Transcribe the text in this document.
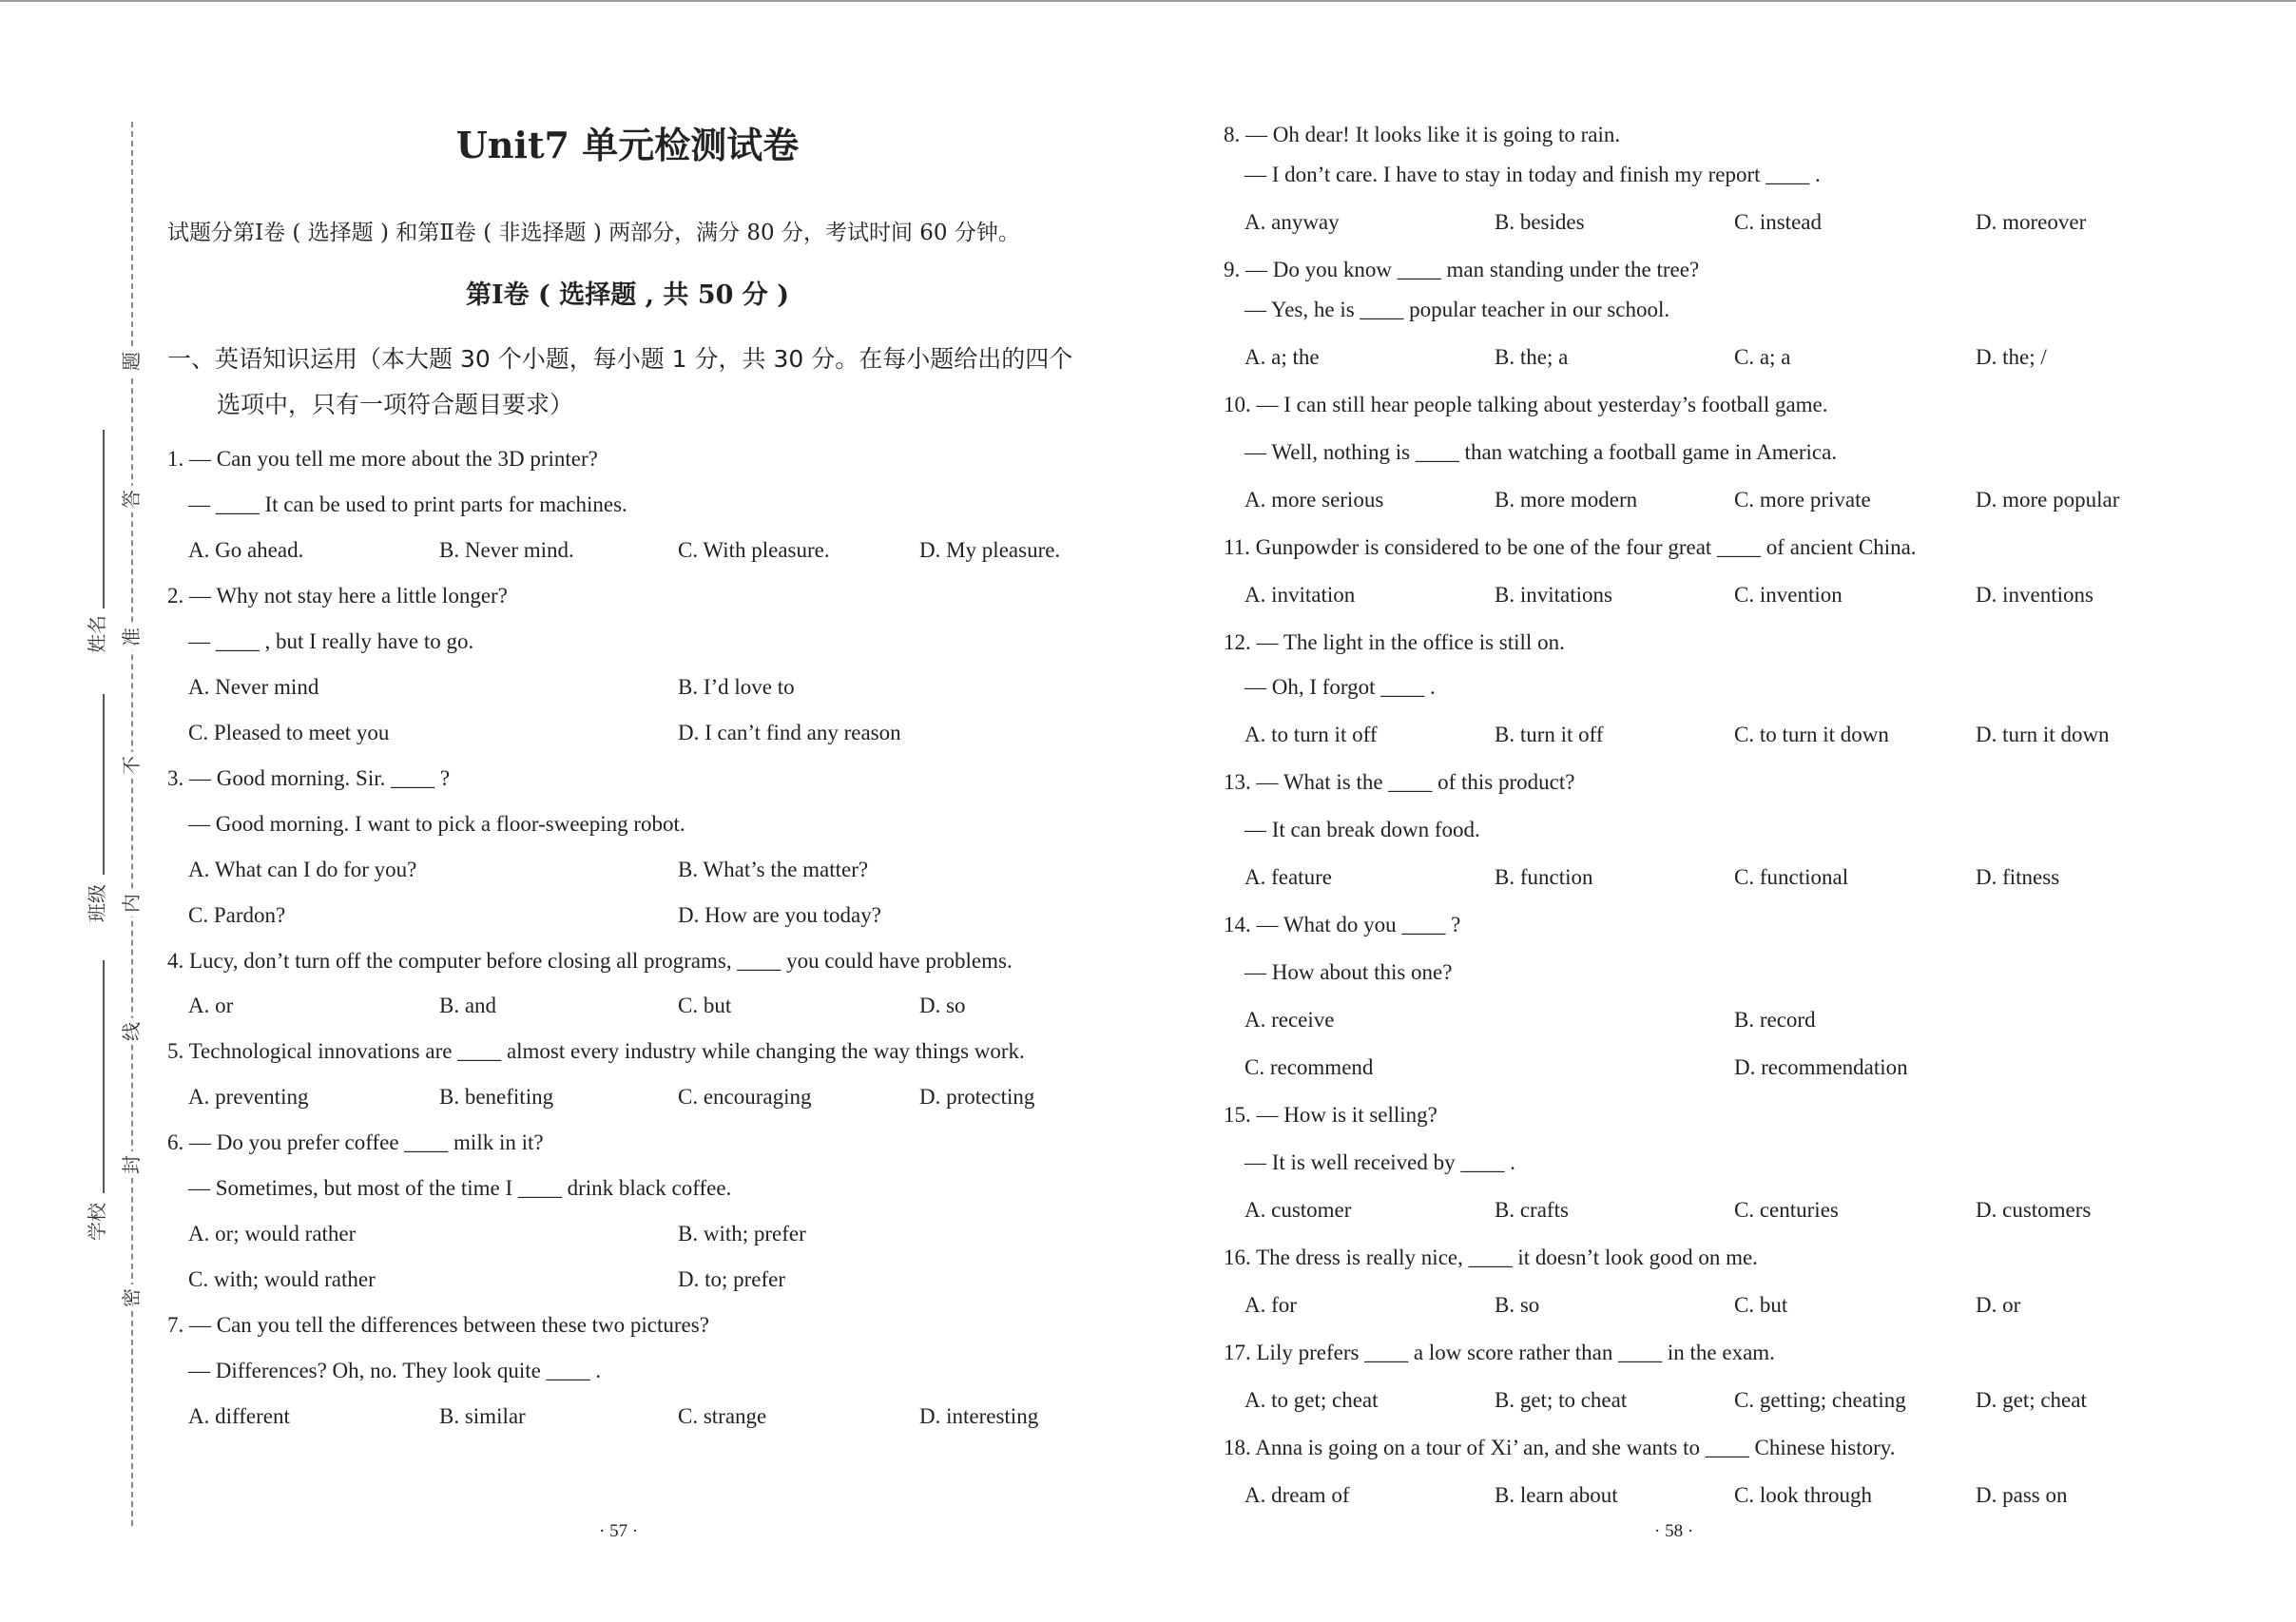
题
答
准
不
内
线
封
密
姓名
班级
学校
Unit7 单元检测试卷
试题分第Ⅰ卷 ( 选择题 ) 和第Ⅱ卷 ( 非选择题 ) 两部分，满分 80 分，考试时间 60 分钟。
第Ⅰ卷 ( 选择题 , 共 50 分 )
一、英语知识运用（本大题 30 个小题，每小题 1 分，共 30 分。在每小题给出的四个
选项中，只有一项符合题目要求）
1. — Can you tell me more about the 3D printer?
— ____ It can be used to print parts for machines.
A. Go ahead.	B. Never mind.	C. With pleasure.	D. My pleasure.
2. — Why not stay here a little longer?
— ____ , but I really have to go.
A. Never mind	B. I’d love to
C. Pleased to meet you	D. I can’t find any reason
3. — Good morning. Sir. ____ ?
— Good morning. I want to pick a floor-sweeping robot.
A. What can I do for you?	B. What’s the matter?
C. Pardon?	D. How are you today?
4. Lucy, don’t turn off the computer before closing all programs, ____ you could have problems.
A. or	B. and	C. but	D. so
5. Technological innovations are ____ almost every industry while changing the way things work.
A. preventing	B. benefiting	C. encouraging	D. protecting
6. — Do you prefer coffee ____ milk in it?
— Sometimes, but most of the time I ____ drink black coffee.
A. or; would rather	B. with; prefer
C. with; would rather	D. to; prefer
7. — Can you tell the differences between these two pictures?
— Differences? Oh, no. They look quite ____ .
A. different	B. similar	C. strange	D. interesting
8. — Oh dear! It looks like it is going to rain.
— I don’t care. I have to stay in today and finish my report ____ .
A. anyway	B. besides	C. instead	D. moreover
9. — Do you know ____ man standing under the tree?
— Yes, he is ____ popular teacher in our school.
A. a; the	B. the; a	C. a; a	D. the; /
10. — I can still hear people talking about yesterday’s football game.
— Well, nothing is ____ than watching a football game in America.
A. more serious	B. more modern	C. more private	D. more popular
11. Gunpowder is considered to be one of the four great ____ of ancient China.
A. invitation	B. invitations	C. invention	D. inventions
12. — The light in the office is still on.
— Oh, I forgot ____ .
A. to turn it off	B. turn it off	C. to turn it down	D. turn it down
13. — What is the ____ of this product?
— It can break down food.
A. feature	B. function	C. functional	D. fitness
14. — What do you ____ ?
— How about this one?
A. receive	B. record
C. recommend	D. recommendation
15. — How is it selling?
— It is well received by ____ .
A. customer	B. crafts	C. centuries	D. customers
16. The dress is really nice, ____ it doesn’t look good on me.
A. for	B. so	C. but	D. or
17. Lily prefers ____ a low score rather than ____ in the exam.
A. to get; cheat	B. get; to cheat	C. getting; cheating	D. get; cheat
18. Anna is going on a tour of Xi’ an, and she wants to ____ Chinese history.
A. dream of	B. learn about	C. look through	D. pass on
· 57 ·	· 58 ·
